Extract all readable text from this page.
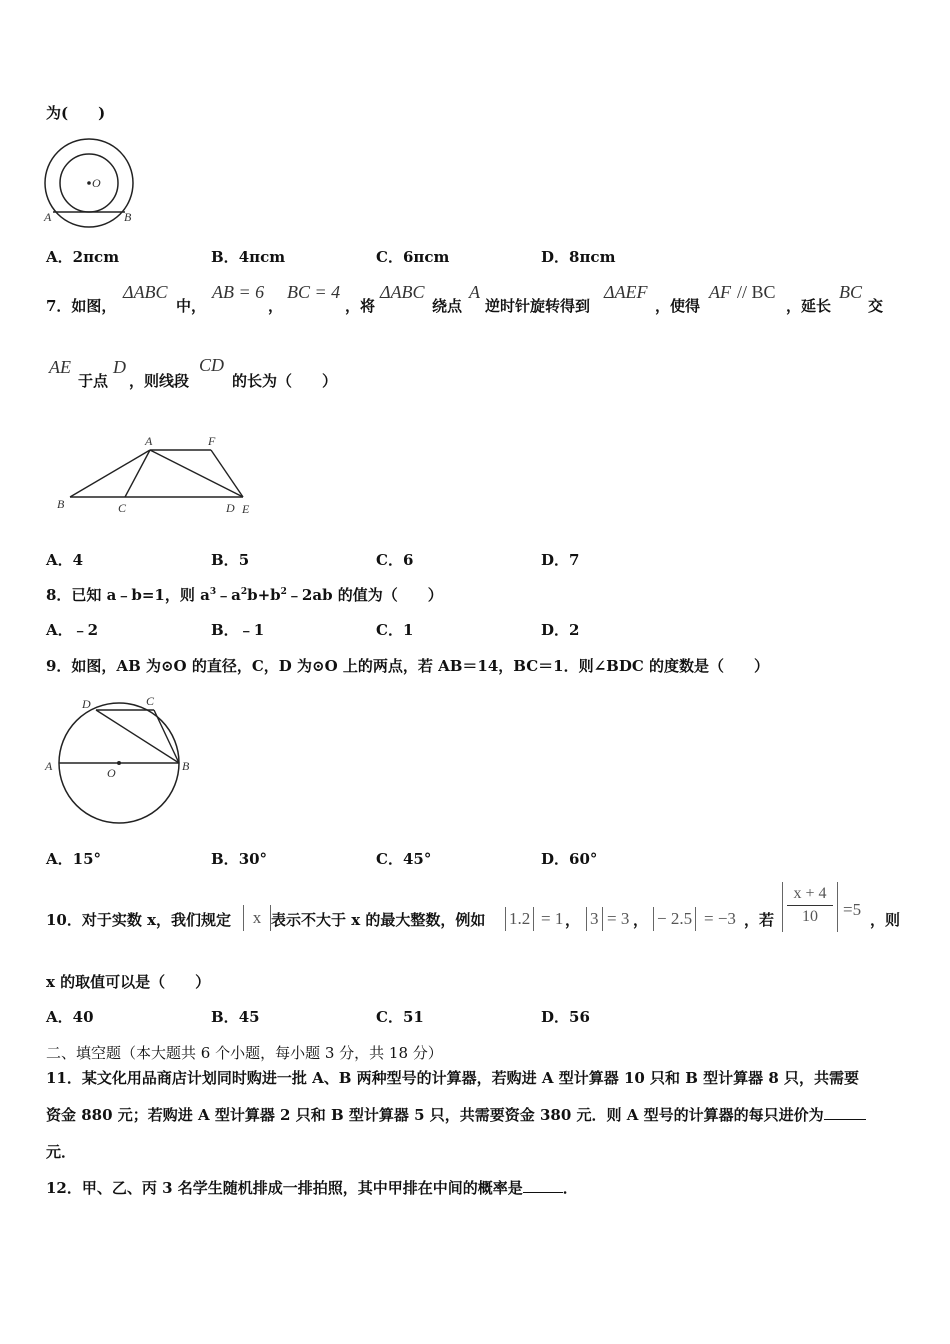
为(　　)
O
A	B
A．2πcm	B．4πcm	C．6πcm	D．8πcm
7．如图，
ΔABC
中，
AB = 6
，
BC = 4
，将
ΔABC
绕点
A
逆时针旋转得到
ΔAEF
，使得
AF // BC
，延长
BC
交
AE
于点
D
，则线段
CD
的长为（　　）
A	F
B	C	D E
A．4	B．5	C．6	D．7
8．已知 a﹣b=1，则 $a^3﹣a^2b+b^2﹣2ab$ 的值为（　　）
A．﹣2	B．﹣1	C．1	D．2
9．如图，AB 为⊙O 的直径，C，D 为⊙O 上的两点，若 AB＝14，BC＝1．则∠BDC 的度数是（　　）
D	C
A	B
O
A．15°	B．30°	C．45°	D．60°
10．对于实数 x，我们规定	x 表示不大于 x 的最大整数，例如 1.2 = 1 ， 3 = 3 ， − 2.5 = −3 ，若 $\frac{x + 4}{10} =5$
，则
x 的取值可以是（　　）
A．40	B．45	C．51	D．56
二、填空题（本大题共 6 个小题，每小题 3 分，共 18 分）
11．某文化用品商店计划同时购进一批 A、B 两种型号的计算器，若购进 A 型计算器 10 只和 B 型计算器 8 只，共需要
资金 880 元；若购进 A 型计算器 2 只和 B 型计算器 5 只，共需要资金 380 元．则 A 型号的计算器的每只进价为
元．
12．甲、乙、丙 3 名学生随机排成一排拍照，其中甲排在中间的概率是	．
